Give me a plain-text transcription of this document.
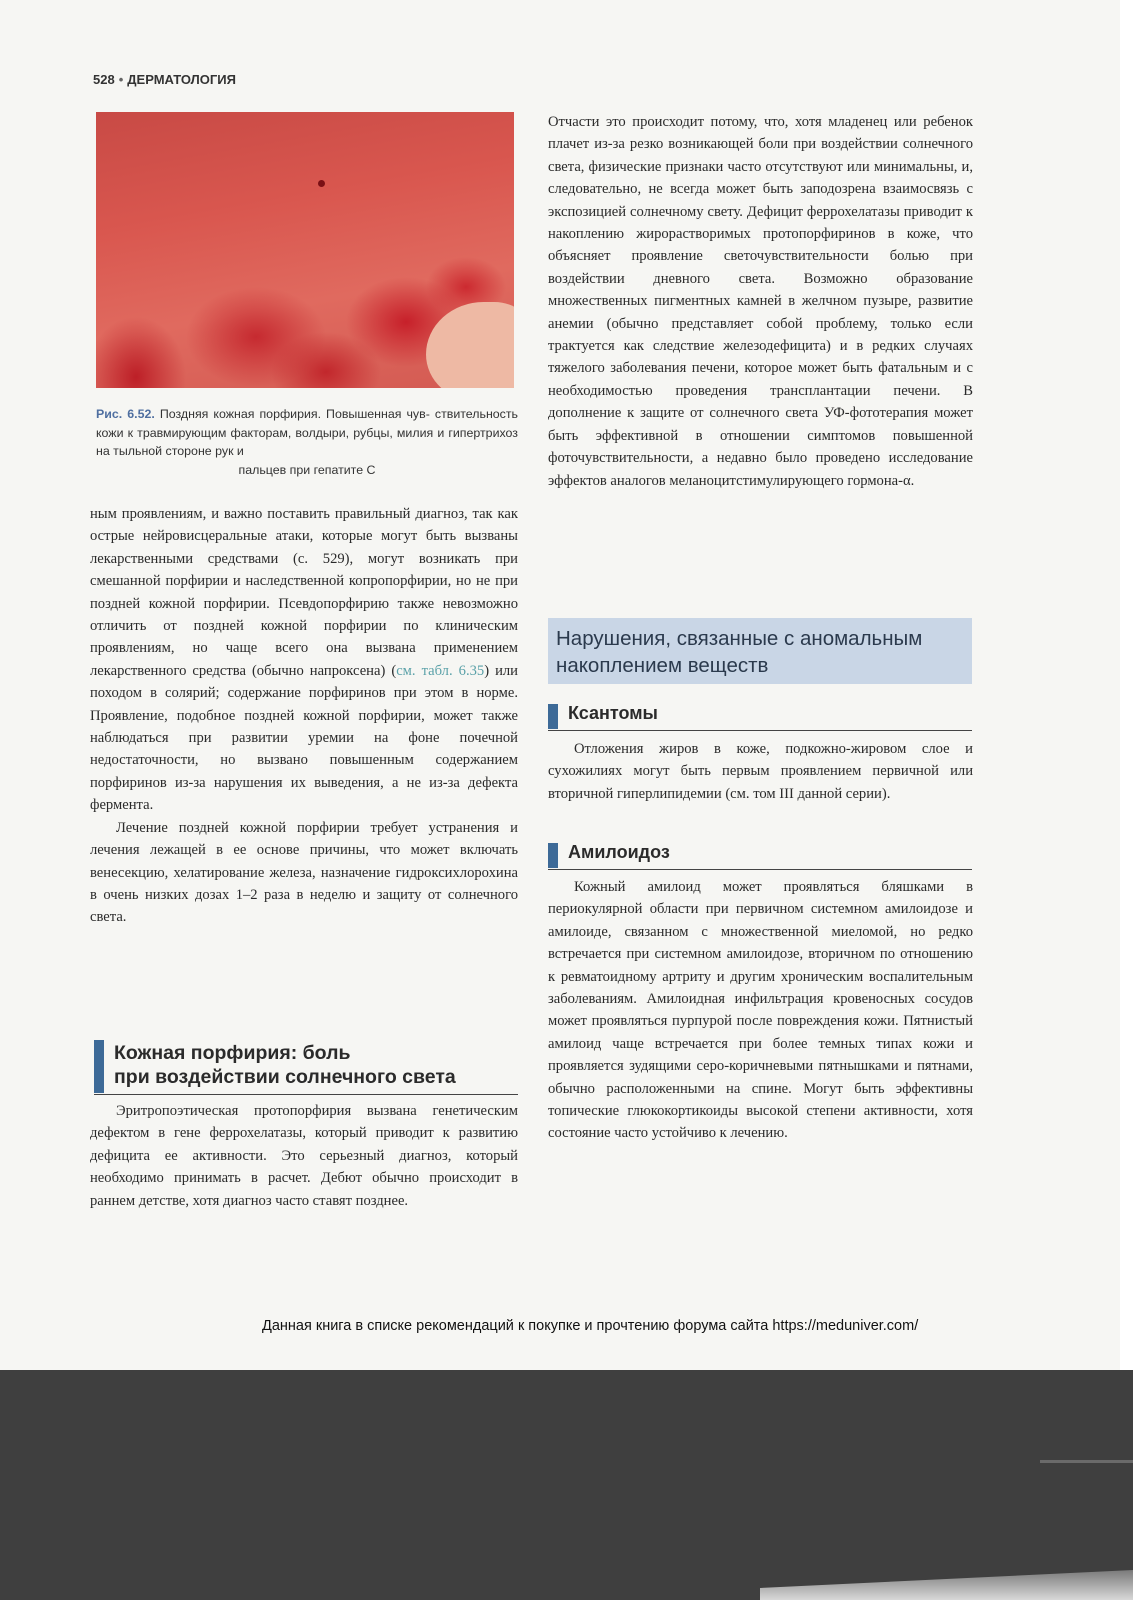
528 • ДЕРМАТОЛОГИЯ
Рис. 6.52. Поздняя кожная порфирия. Повышенная чув- ствительность кожи к травмирующим факторам, волдыри, рубцы, милия и гипертрихоз на тыльной стороне рук и
пальцев при гепатите С

ным проявлениям, и важно поставить правильный диагноз, так как острые нейровисцеральные атаки, которые могут быть вызваны лекарственными средствами (с. 529), могут возникать при смешанной порфирии и наследственной копропорфирии, но не при поздней кожной порфирии. Псевдопорфирию также невозможно отличить от поздней кожной порфирии по клиническим проявлениям, но чаще всего она вызвана применением лекарственного средства (обычно напроксена) (см. табл. 6.35) или походом в солярий; содержание порфиринов при этом в норме. Проявление, подобное поздней кожной порфирии, может также наблюдаться при развитии уремии на фоне почечной недостаточности, но вызвано повышенным содержанием порфиринов из-за нарушения их выведения, а не из-за дефекта фермента.

Лечение поздней кожной порфирии требует устранения и лечения лежащей в ее основе причины, что может включать венесекцию, хелатирование железа, назначение гидроксихлорохина в очень низких дозах 1–2 раза в неделю и защиту от солнечного света.

Кожная порфирия: боль
при воздействии солнечного света

Эритропоэтическая протопорфирия вызвана генетическим дефектом в гене феррохелатазы, который приводит к развитию дефицита ее активности. Это серьезный диагноз, который необходимо принимать в расчет. Дебют обычно происходит в раннем детстве, хотя диагноз часто ставят позднее.

Отчасти это происходит потому, что, хотя младенец или ребенок плачет из-за резко возникающей боли при воздействии солнечного света, физические признаки часто отсутствуют или минимальны, и, следовательно, не всегда может быть заподозрена взаимосвязь с экспозицией солнечному свету. Дефицит феррохелатазы приводит к накоплению жирорастворимых протопорфиринов в коже, что объясняет проявление светочувствительности болью при воздействии дневного света. Возможно образование множественных пигментных камней в желчном пузыре, развитие анемии (обычно представляет собой проблему, только если трактуется как следствие железодефицита) и в редких случаях тяжелого заболевания печени, которое может быть фатальным и с необходимостью проведения трансплантации печени. В дополнение к защите от солнечного света УФ-фототерапия может быть эффективной в отношении симптомов повышенной фоточувствительности, а недавно было проведено исследование эффектов аналогов меланоцитстимулирующего гормона-α.

Нарушения, связанные с аномальным
накоплением веществ
Ксантомы

Отложения жиров в коже, подкожно-жировом слое и сухожилиях могут быть первым проявлением первичной или вторичной гиперлипидемии (см. том III данной серии).

Амилоидоз

Кожный амилоид может проявляться бляшками в периокулярной области при первичном системном амилоидозе и амилоиде, связанном с множественной миеломой, но редко встречается при системном амилоидозе, вторичном по отношению к ревматоидному артриту и другим хроническим воспалительным заболеваниям. Амилоидная инфильтрация кровеносных сосудов может проявляться пурпурой после повреждения кожи. Пятнистый амилоид чаще встречается при более темных типах кожи и проявляется зудящими серо-коричневыми пятнышками и пятнами, обычно расположенными на спине. Могут быть эффективны топические глюкокортикоиды высокой степени активности, хотя состояние часто устойчиво к лечению.

Данная книга в списке рекомендаций к покупке и прочтению форума сайта https://meduniver.com/
